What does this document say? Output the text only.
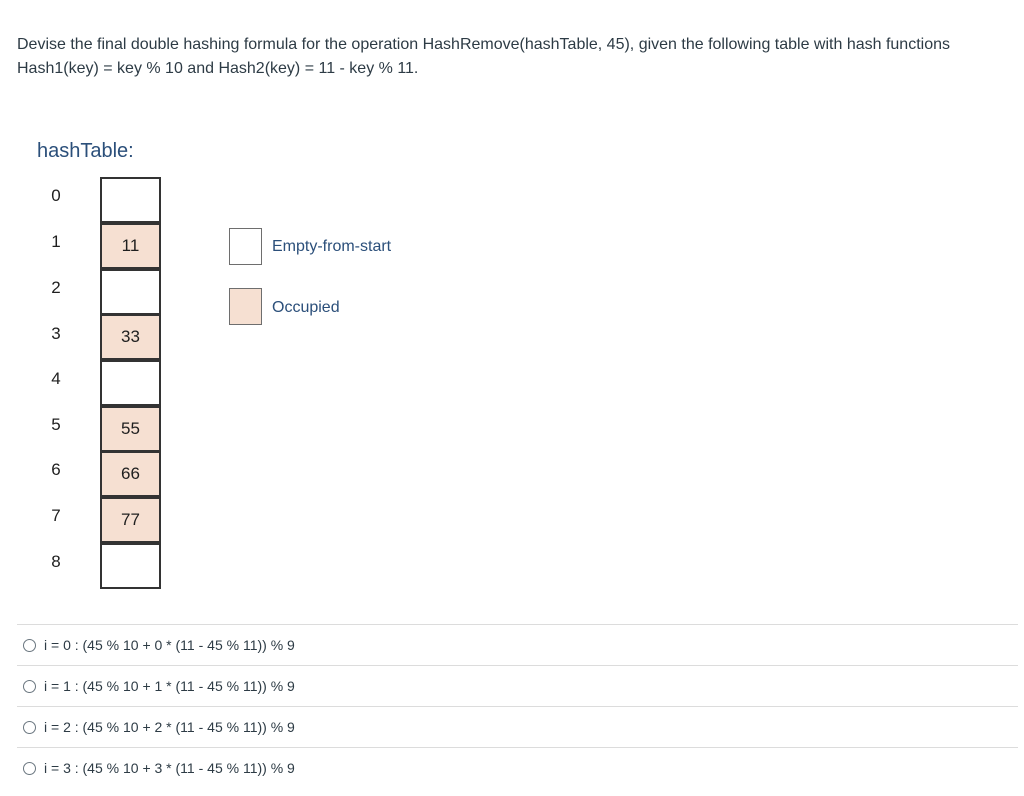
Devise the final double hashing formula for the operation HashRemove(hashTable, 45), given the following table with hash functions Hash1(key) = key % 10 and Hash2(key) = 11 - key % 11.
hashTable:
0
1
2
3
4
5
6
7
8
11
33
55
66
77
Empty-from-start
Occupied
i = 0 : (45 % 10 + 0 * (11 - 45 % 11)) % 9
i = 1 : (45 % 10 + 1 * (11 - 45 % 11)) % 9
i = 2 : (45 % 10 + 2 * (11 - 45 % 11)) % 9
i = 3 : (45 % 10 + 3 * (11 - 45 % 11)) % 9
